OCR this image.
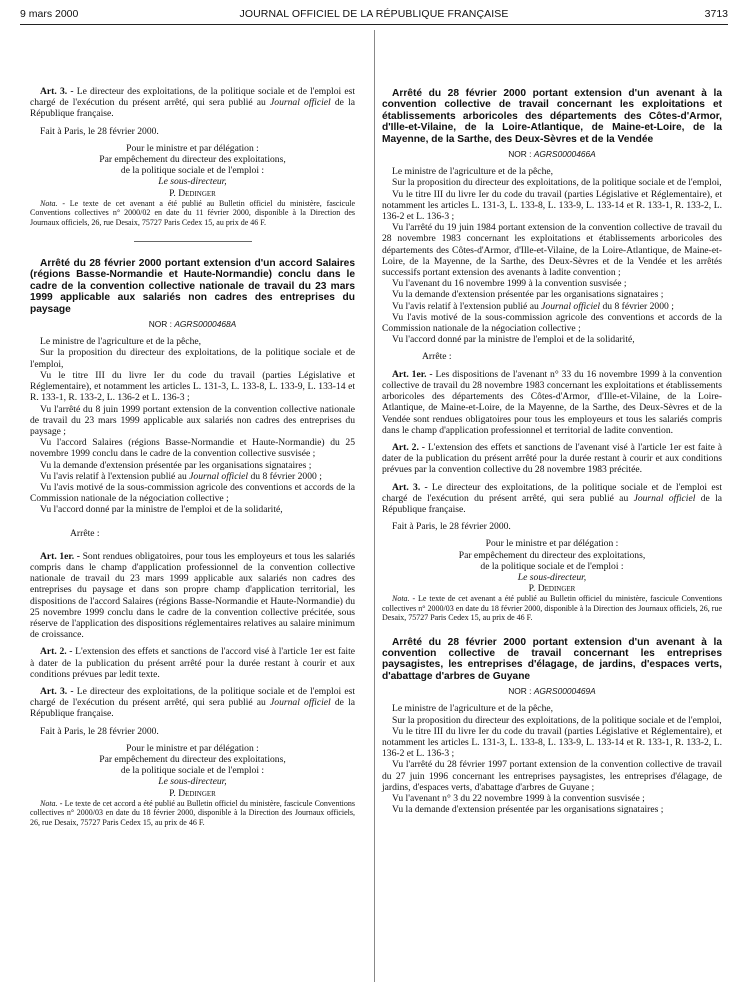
9 mars 2000	JOURNAL OFFICIEL DE LA RÉPUBLIQUE FRANÇAISE	3713

Art. 3. - Le directeur des exploitations, de la politique sociale et de l'emploi est chargé de l'exécution du présent arrêté, qui sera publié au Journal officiel de la République française.

Fait à Paris, le 28 février 2000.

Pour le ministre et par délégation :
Par empêchement du directeur des exploitations,
de la politique sociale et de l'emploi :
Le sous-directeur,
P. Dedinger

Nota. - Le texte de cet avenant a été publié au Bulletin officiel du ministère, fascicule Conventions collectives n° 2000/02 en date du 11 février 2000, disponible à la Direction des Journaux officiels, 26, rue Desaix, 75727 Paris Cedex 15, au prix de 46 F.

Arrêté du 28 février 2000 portant extension d'un accord Salaires (régions Basse-Normandie et Haute-Normandie) conclu dans le cadre de la convention collective nationale de travail du 23 mars 1999 applicable aux salariés non cadres des entreprises du paysage

NOR : AGRS0000468A

Le ministre de l'agriculture et de la pêche,

Sur la proposition du directeur des exploitations, de la politique sociale et de l'emploi,

Vu le titre III du livre Ier du code du travail (parties Législative et Réglementaire), et notamment les articles L. 131-3, L. 133-8, L. 133-9, L. 133-14 et R. 133-1, R. 133-2, L. 136-2 et L. 136-3 ;

Vu l'arrêté du 8 juin 1999 portant extension de la convention collective nationale de travail du 23 mars 1999 applicable aux salariés non cadres des entreprises du paysage ;

Vu l'accord Salaires (régions Basse-Normandie et Haute-Normandie) du 25 novembre 1999 conclu dans le cadre de la convention collective susvisée ;

Vu la demande d'extension présentée par les organisations signataires ;

Vu l'avis relatif à l'extension publié au Journal officiel du 8 février 2000 ;

Vu l'avis motivé de la sous-commission agricole des conventions et accords de la Commission nationale de la négociation collective ;

Vu l'accord donné par la ministre de l'emploi et de la solidarité,

Arrête :

Art. 1er. - Sont rendues obligatoires, pour tous les employeurs et tous les salariés compris dans le champ d'application professionnel de la convention collective nationale de travail du 23 mars 1999 applicable aux salariés non cadres des entreprises du paysage et dans son propre champ d'application territorial, les dispositions de l'accord Salaires (régions Basse-Normandie et Haute-Normandie) du 25 novembre 1999 conclu dans le cadre de la convention collective précitée, sous réserve de l'application des dispositions réglementaires relatives au salaire minimum de croissance.

Art. 2. - L'extension des effets et sanctions de l'accord visé à l'article 1er est faite à dater de la publication du présent arrêté pour la durée restant à courir et aux conditions prévues par ledit texte.

Art. 3. - Le directeur des exploitations, de la politique sociale et de l'emploi est chargé de l'exécution du présent arrêté, qui sera publié au Journal officiel de la République française.

Fait à Paris, le 28 février 2000.

Pour le ministre et par délégation :
Par empêchement du directeur des exploitations,
de la politique sociale et de l'emploi :
Le sous-directeur,
P. Dedinger

Nota. - Le texte de cet accord a été publié au Bulletin officiel du ministère, fascicule Conventions collectives n° 2000/03 en date du 18 février 2000, disponible à la Direction des Journaux officiels, 26, rue Desaix, 75727 Paris Cedex 15, au prix de 46 F.

Arrêté du 28 février 2000 portant extension d'un avenant à la convention collective de travail concernant les exploitations et établissements arboricoles des départements des Côtes-d'Armor, d'Ille-et-Vilaine, de la Loire-Atlantique, de Maine-et-Loire, de la Mayenne, de la Sarthe, des Deux-Sèvres et de la Vendée

NOR : AGRS0000466A

Le ministre de l'agriculture et de la pêche,

Sur la proposition du directeur des exploitations, de la politique sociale et de l'emploi,

Vu le titre III du livre Ier du code du travail (parties Législative et Réglementaire), et notamment les articles L. 131-3, L. 133-8, L. 133-9, L. 133-14 et R. 133-1, R. 133-2, L. 136-2 et L. 136-3 ;

Vu l'arrêté du 19 juin 1984 portant extension de la convention collective de travail du 28 novembre 1983 concernant les exploitations et établissements arboricoles des départements des Côtes-d'Armor, d'Ille-et-Vilaine, de la Loire-Atlantique, de Maine-et-Loire, de la Mayenne, de la Sarthe, des Deux-Sèvres et de la Vendée et les arrêtés successifs portant extension des avenants à ladite convention ;

Vu l'avenant du 16 novembre 1999 à la convention susvisée ;

Vu la demande d'extension présentée par les organisations signataires ;

Vu l'avis relatif à l'extension publié au Journal officiel du 8 février 2000 ;

Vu l'avis motivé de la sous-commission agricole des conventions et accords de la Commission nationale de la négociation collective ;

Vu l'accord donné par la ministre de l'emploi et de la solidarité,

Arrête :

Art. 1er. - Les dispositions de l'avenant n° 33 du 16 novembre 1999 à la convention collective de travail du 28 novembre 1983 concernant les exploitations et établissements arboricoles des départements des Côtes-d'Armor, d'Ille-et-Vilaine, de la Loire-Atlantique, de Maine-et-Loire, de la Mayenne, de la Sarthe, des Deux-Sèvres et de la Vendée sont rendues obligatoires pour tous les employeurs et tous les salariés compris dans le champ d'application professionnel et territorial de ladite convention.

Art. 2. - L'extension des effets et sanctions de l'avenant visé à l'article 1er est faite à dater de la publication du présent arrêté pour la durée restant à courir et aux conditions prévues par la convention collective du 28 novembre 1983 précitée.

Art. 3. - Le directeur des exploitations, de la politique sociale et de l'emploi est chargé de l'exécution du présent arrêté, qui sera publié au Journal officiel de la République française.

Fait à Paris, le 28 février 2000.

Pour le ministre et par délégation :
Par empêchement du directeur des exploitations,
de la politique sociale et de l'emploi :
Le sous-directeur,
P. Dedinger

Nota. - Le texte de cet avenant a été publié au Bulletin officiel du ministère, fascicule Conventions collectives n° 2000/03 en date du 18 février 2000, disponible à la Direction des Journaux officiels, 26, rue Desaix, 75727 Paris Cedex 15, au prix de 46 F.

Arrêté du 28 février 2000 portant extension d'un avenant à la convention collective de travail concernant les entreprises paysagistes, les entreprises d'élagage, de jardins, d'espaces verts, d'abattage d'arbres de Guyane

NOR : AGRS0000469A

Le ministre de l'agriculture et de la pêche,

Sur la proposition du directeur des exploitations, de la politique sociale et de l'emploi,

Vu le titre III du livre Ier du code du travail (parties Législative et Réglementaire), et notamment les articles L. 131-3, L. 133-8, L. 133-9, L. 133-14 et R. 133-1, R. 133-2, L. 136-2 et L. 136-3 ;

Vu l'arrêté du 28 février 1997 portant extension de la convention collective de travail du 27 juin 1996 concernant les entreprises paysagistes, les entreprises d'élagage, de jardins, d'espaces verts, d'abattage d'arbres de Guyane ;

Vu l'avenant n° 3 du 22 novembre 1999 à la convention susvisée ;

Vu la demande d'extension présentée par les organisations signataires ;
